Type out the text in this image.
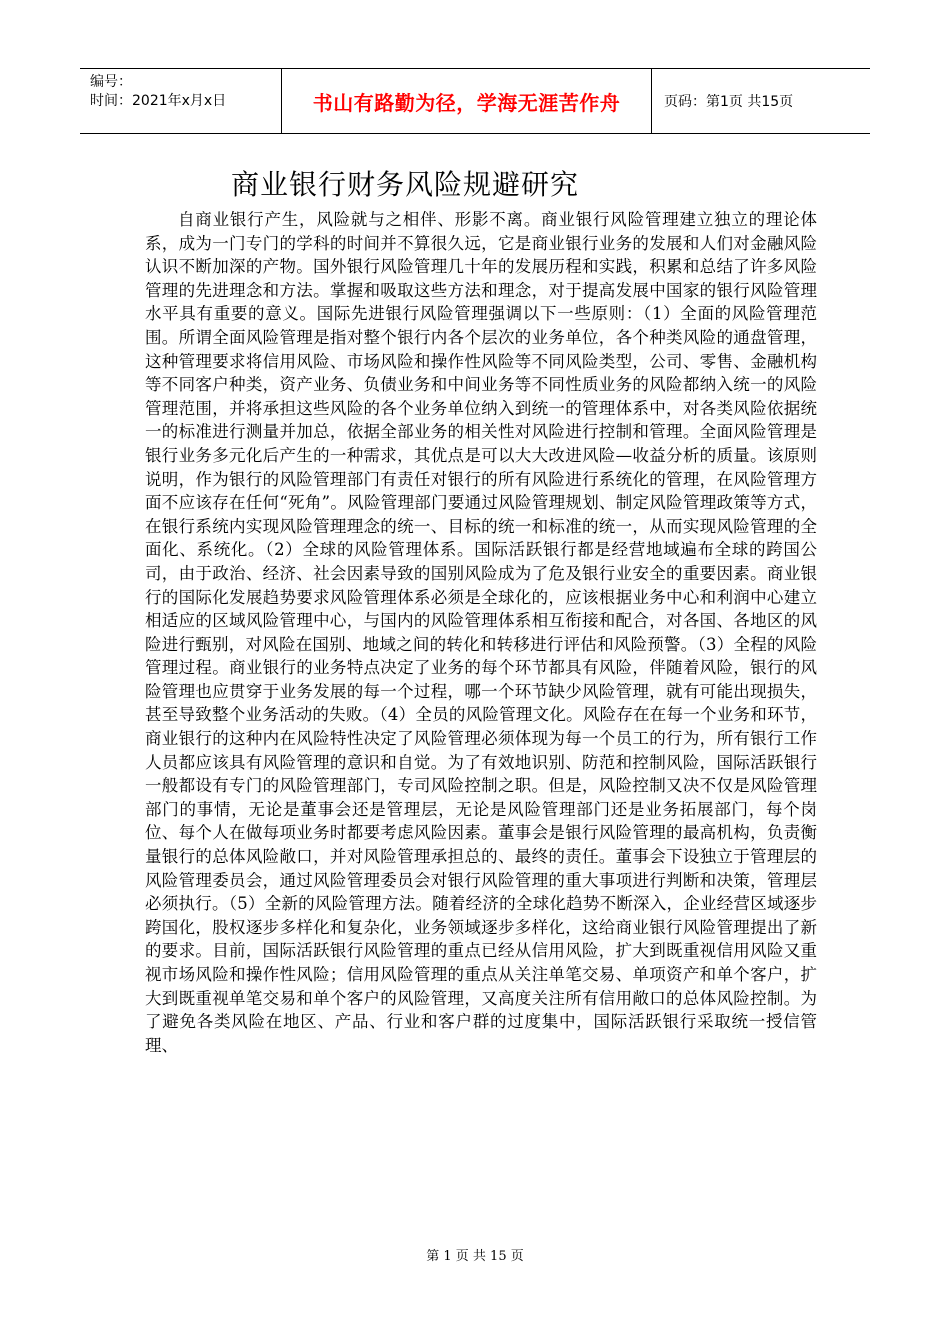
编号：
时间：2021年x月x日	书山有路勤为径，学海无涯苦作舟	页码：第1页 共15页
商业银行财务风险规避研究

自商业银行产生，风险就与之相伴、形影不离。商业银行风险管理建立独立的理论体系，成为一门专门的学科的时间并不算很久远，它是商业银行业务的发展和人们对金融风险认识不断加深的产物。国外银行风险管理几十年的发展历程和实践，积累和总结了许多风险管理的先进理念和方法。掌握和吸取这些方法和理念，对于提高发展中国家的银行风险管理水平具有重要的意义。国际先进银行风险管理强调以下一些原则：（1）全面的风险管理范围。所谓全面风险管理是指对整个银行内各个层次的业务单位，各个种类风险的通盘管理，这种管理要求将信用风险、市场风险和操作性风险等不同风险类型，公司、零售、金融机构等不同客户种类，资产业务、负债业务和中间业务等不同性质业务的风险都纳入统一的风险管理范围，并将承担这些风险的各个业务单位纳入到统一的管理体系中，对各类风险依据统一的标准进行测量并加总，依据全部业务的相关性对风险进行控制和管理。全面风险管理是银行业务多元化后产生的一种需求，其优点是可以大大改进风险—收益分析的质量。该原则说明，作为银行的风险管理部门有责任对银行的所有风险进行系统化的管理，在风险管理方面不应该存在任何“死角”。风险管理部门要通过风险管理规划、制定风险管理政策等方式，在银行系统内实现风险管理理念的统一、目标的统一和标准的统一，从而实现风险管理的全面化、系统化。（2）全球的风险管理体系。国际活跃银行都是经营地域遍布全球的跨国公司，由于政治、经济、社会因素导致的国别风险成为了危及银行业安全的重要因素。商业银行的国际化发展趋势要求风险管理体系必须是全球化的，应该根据业务中心和利润中心建立相适应的区域风险管理中心，与国内的风险管理体系相互衔接和配合，对各国、各地区的风险进行甄别，对风险在国别、地域之间的转化和转移进行评估和风险预警。（3）全程的风险管理过程。商业银行的业务特点决定了业务的每个环节都具有风险，伴随着风险，银行的风险管理也应贯穿于业务发展的每一个过程，哪一个环节缺少风险管理，就有可能出现损失，甚至导致整个业务活动的失败。（4）全员的风险管理文化。风险存在在每一个业务和环节，商业银行的这种内在风险特性决定了风险管理必须体现为每一个员工的行为，所有银行工作人员都应该具有风险管理的意识和自觉。为了有效地识别、防范和控制风险，国际活跃银行一般都设有专门的风险管理部门，专司风险控制之职。但是，风险控制又决不仅是风险管理部门的事情，无论是董事会还是管理层，无论是风险管理部门还是业务拓展部门，每个岗位、每个人在做每项业务时都要考虑风险因素。董事会是银行风险管理的最高机构，负责衡量银行的总体风险敞口，并对风险管理承担总的、最终的责任。董事会下设独立于管理层的风险管理委员会，通过风险管理委员会对银行风险管理的重大事项进行判断和决策，管理层必须执行。（5）全新的风险管理方法。随着经济的全球化趋势不断深入，企业经营区域逐步跨国化，股权逐步多样化和复杂化，业务领域逐步多样化，这给商业银行风险管理提出了新的要求。目前，国际活跃银行风险管理的重点已经从信用风险，扩大到既重视信用风险又重视市场风险和操作性风险；信用风险管理的重点从关注单笔交易、单项资产和单个客户，扩大到既重视单笔交易和单个客户的风险管理，又高度关注所有信用敞口的总体风险控制。为了避免各类风险在地区、产品、行业和客户群的过度集中，国际活跃银行采取统一授信管理、

第 1 页 共 15 页
